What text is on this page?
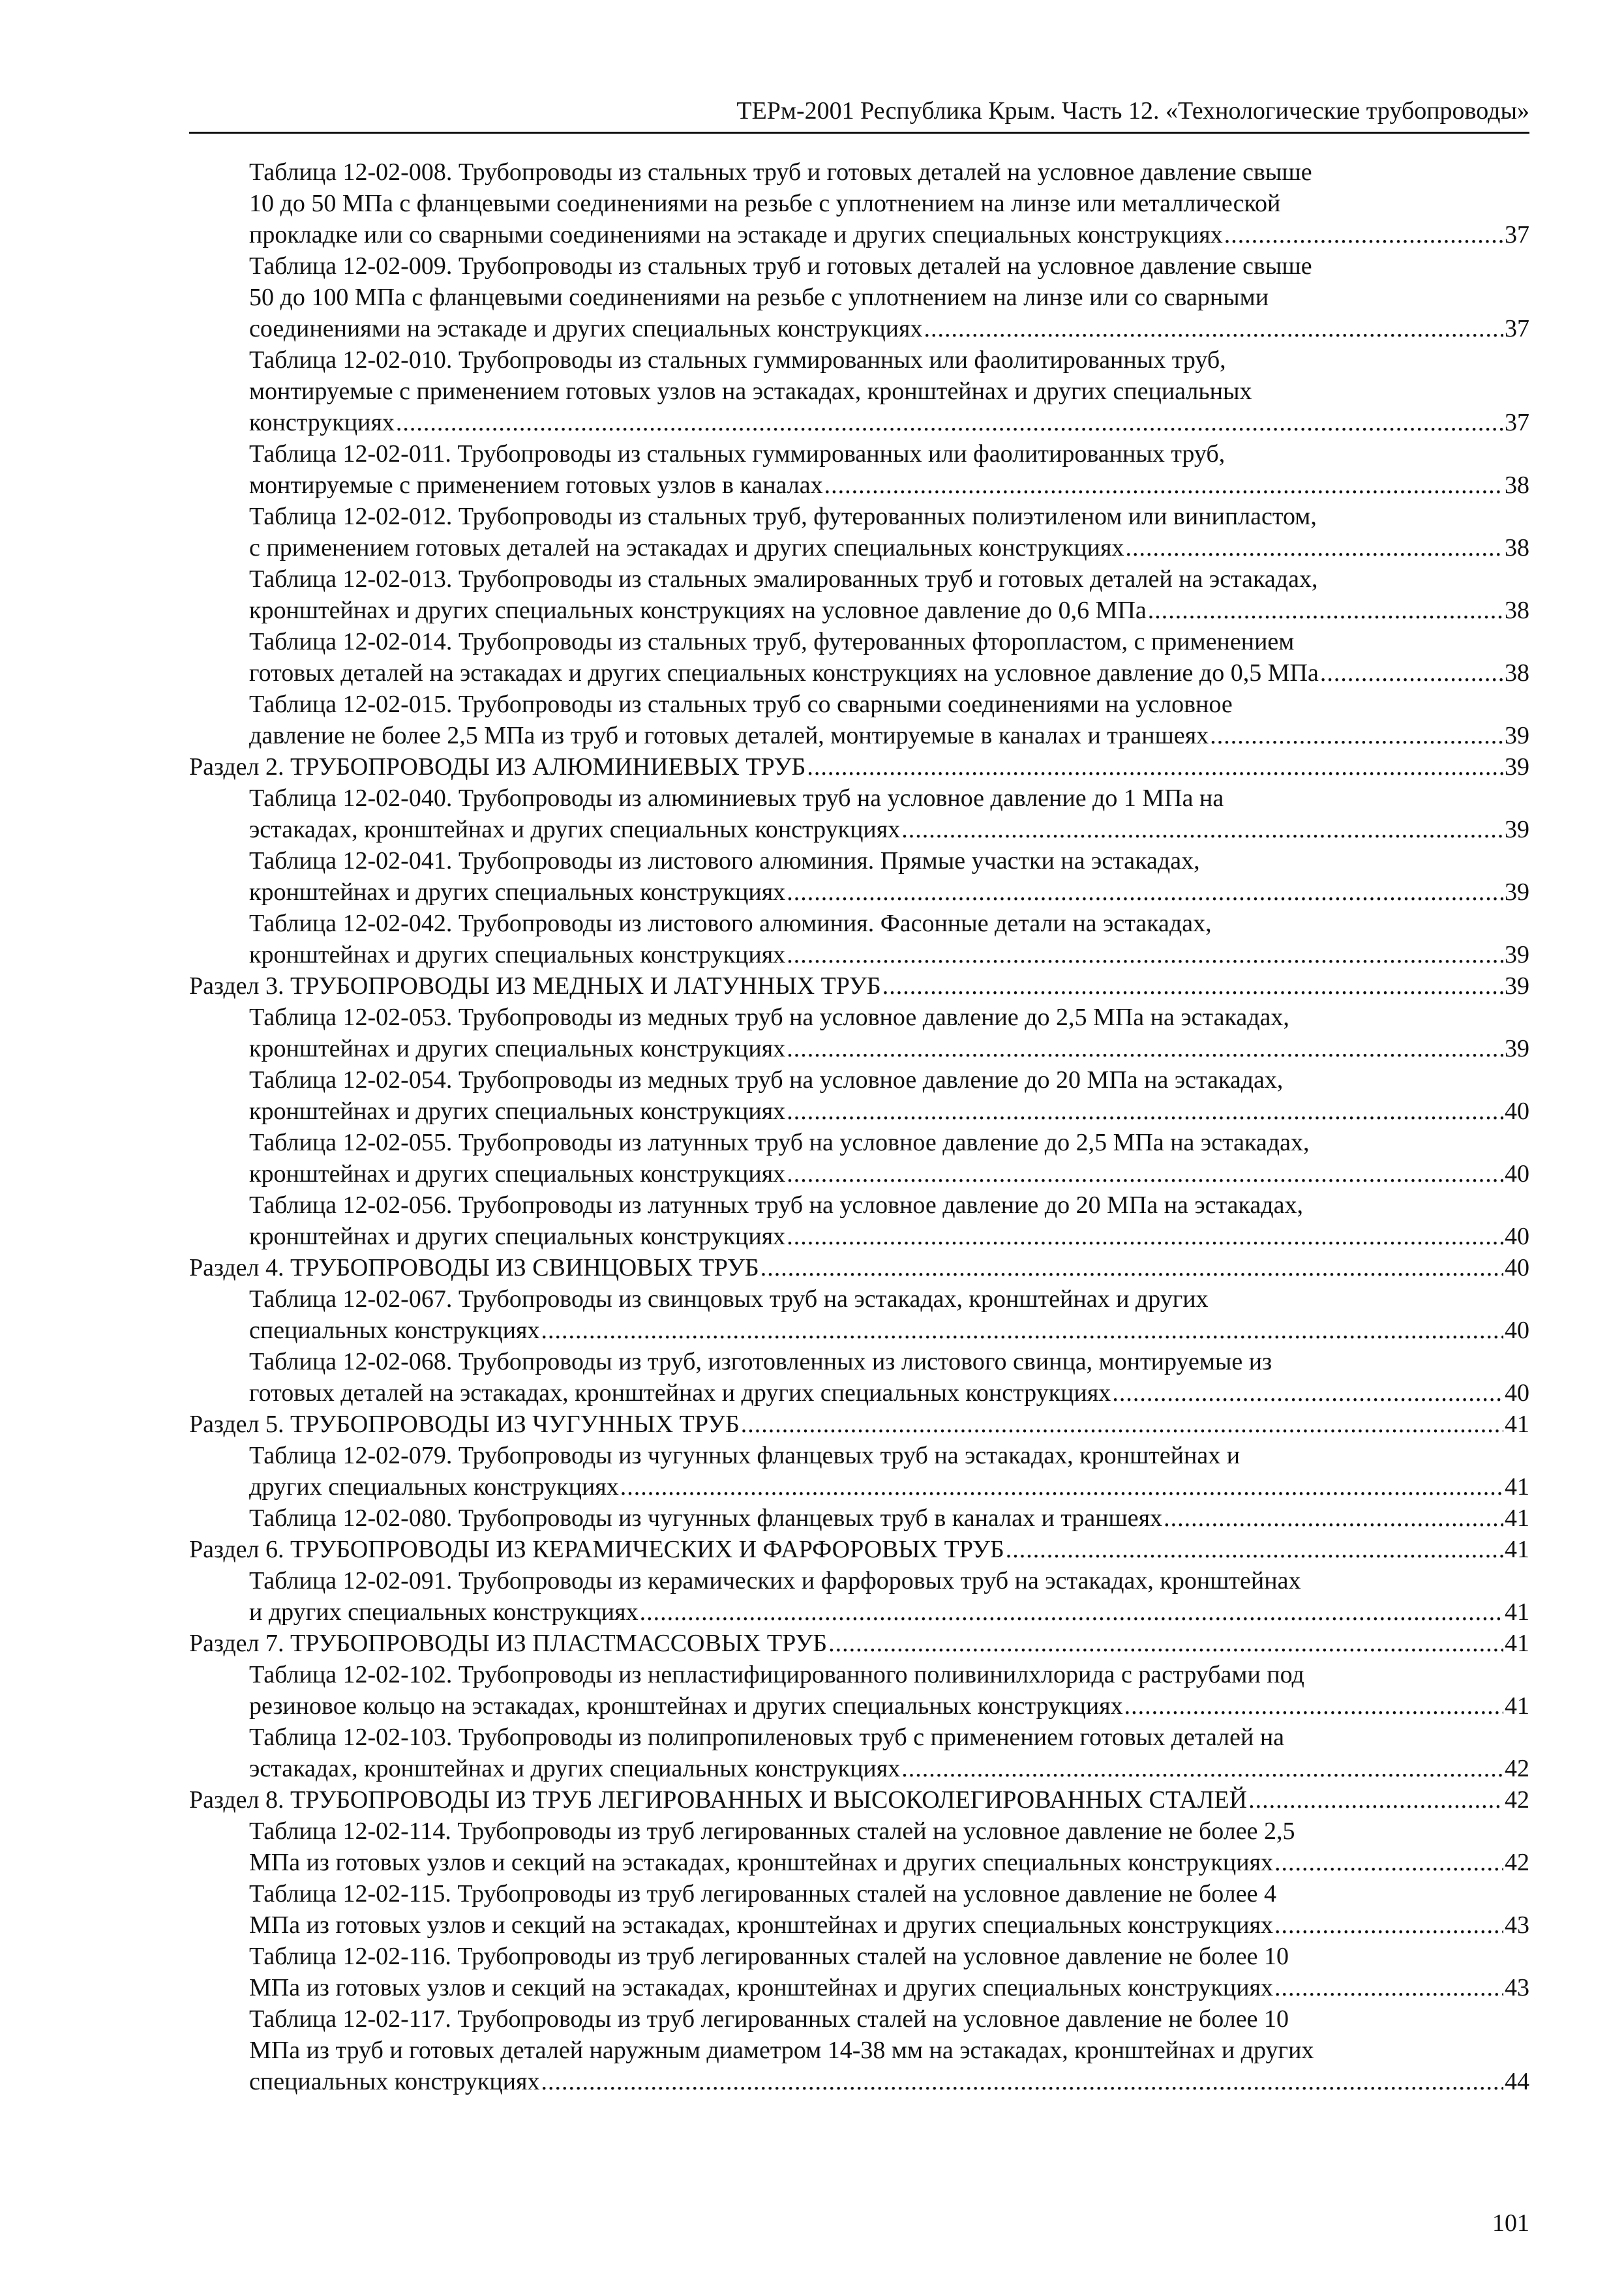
ТЕРм-2001 Республика Крым. Часть 12. «Технологические трубопроводы»
Таблица 12-02-008. Трубопроводы из стальных труб и готовых деталей на условное давление свыше
10 до 50 МПа с фланцевыми соединениями на резьбе с уплотнением на линзе или металлической
прокладке или со сварными соединениями на эстакаде и других специальных конструкциях .....	37
Таблица 12-02-009. Трубопроводы из стальных труб и готовых деталей на условное давление свыше
50 до 100 МПа с фланцевыми соединениями на резьбе с уплотнением на линзе или со сварными
соединениями на эстакаде и других специальных конструкциях .....	37
Таблица 12-02-010. Трубопроводы из стальных гуммированных или фаолитированных труб,
монтируемые с применением готовых узлов на эстакадах, кронштейнах и других специальных
конструкциях .....	37
Таблица 12-02-011. Трубопроводы из стальных гуммированных или фаолитированных труб,
монтируемые с применением готовых узлов в каналах .....	38
Таблица 12-02-012. Трубопроводы из стальных труб, футерованных полиэтиленом или винипластом,
с применением готовых деталей на эстакадах и других специальных конструкциях .....	38
Таблица 12-02-013. Трубопроводы из стальных эмалированных труб и готовых деталей на эстакадах,
кронштейнах и других специальных конструкциях на условное давление до 0,6 МПа .....	38
Таблица 12-02-014. Трубопроводы из стальных труб, футерованных фторопластом, с применением
готовых деталей на эстакадах и других специальных конструкциях на условное давление до 0,5 МПа .....	38
Таблица 12-02-015. Трубопроводы из стальных труб со сварными соединениями на условное
давление не более 2,5 МПа из труб и готовых деталей, монтируемые в каналах и траншеях .....	39
Раздел 2. ТРУБОПРОВОДЫ ИЗ АЛЮМИНИЕВЫХ ТРУБ .....	39
Таблица 12-02-040. Трубопроводы из алюминиевых труб на условное давление до 1 МПа на
эстакадах, кронштейнах и других специальных конструкциях .....	39
Таблица 12-02-041. Трубопроводы из листового алюминия. Прямые участки на эстакадах,
кронштейнах и других специальных конструкциях .....	39
Таблица 12-02-042. Трубопроводы из листового алюминия. Фасонные детали на эстакадах,
кронштейнах и других специальных конструкциях .....	39
Раздел 3. ТРУБОПРОВОДЫ ИЗ МЕДНЫХ И ЛАТУННЫХ ТРУБ .....	39
Таблица 12-02-053. Трубопроводы из медных труб на условное давление до 2,5 МПа на эстакадах,
кронштейнах и других специальных конструкциях .....	39
Таблица 12-02-054. Трубопроводы из медных труб на условное давление до 20 МПа на эстакадах,
кронштейнах и других специальных конструкциях .....	40
Таблица 12-02-055. Трубопроводы из латунных труб на условное давление до 2,5 МПа на эстакадах,
кронштейнах и других специальных конструкциях .....	40
Таблица 12-02-056. Трубопроводы из латунных труб на условное давление до 20 МПа на эстакадах,
кронштейнах и других специальных конструкциях .....	40
Раздел 4. ТРУБОПРОВОДЫ ИЗ СВИНЦОВЫХ ТРУБ .....	40
Таблица 12-02-067. Трубопроводы из свинцовых труб на эстакадах, кронштейнах и других
специальных конструкциях .....	40
Таблица 12-02-068. Трубопроводы из труб, изготовленных из листового свинца, монтируемые из
готовых деталей на эстакадах, кронштейнах и других специальных конструкциях .....	40
Раздел 5. ТРУБОПРОВОДЫ ИЗ ЧУГУННЫХ ТРУБ .....	41
Таблица 12-02-079. Трубопроводы из чугунных фланцевых труб на эстакадах, кронштейнах и
других специальных конструкциях .....	41
Таблица 12-02-080. Трубопроводы из чугунных фланцевых труб в каналах и траншеях .....	41
Раздел 6. ТРУБОПРОВОДЫ ИЗ КЕРАМИЧЕСКИХ И ФАРФОРОВЫХ ТРУБ .....	41
Таблица 12-02-091. Трубопроводы из керамических и фарфоровых труб на эстакадах, кронштейнах
и других специальных конструкциях .....	41
Раздел 7. ТРУБОПРОВОДЫ ИЗ ПЛАСТМАССОВЫХ ТРУБ .....	41
Таблица 12-02-102. Трубопроводы из непластифицированного поливинилхлорида с раструбами под
резиновое кольцо на эстакадах, кронштейнах и других специальных конструкциях .....	41
Таблица 12-02-103. Трубопроводы из полипропиленовых труб с применением готовых деталей на
эстакадах, кронштейнах и других специальных конструкциях .....	42
Раздел 8. ТРУБОПРОВОДЫ ИЗ ТРУБ ЛЕГИРОВАННЫХ И ВЫСОКОЛЕГИРОВАННЫХ СТАЛЕЙ .....	42
Таблица 12-02-114. Трубопроводы из труб легированных сталей на условное давление не более 2,5
МПа из готовых узлов и секций на эстакадах, кронштейнах и других специальных конструкциях .....	42
Таблица 12-02-115. Трубопроводы из труб легированных сталей на условное давление не более 4
МПа из готовых узлов и секций на эстакадах, кронштейнах и других специальных конструкциях .....	43
Таблица 12-02-116. Трубопроводы из труб легированных сталей на условное давление не более 10
МПа из готовых узлов и секций на эстакадах, кронштейнах и других специальных конструкциях .....	43
Таблица 12-02-117. Трубопроводы из труб легированных сталей на условное давление не более 10
МПа из труб и готовых деталей наружным диаметром 14-38 мм на эстакадах, кронштейнах и других
специальных конструкциях .....	44
101
